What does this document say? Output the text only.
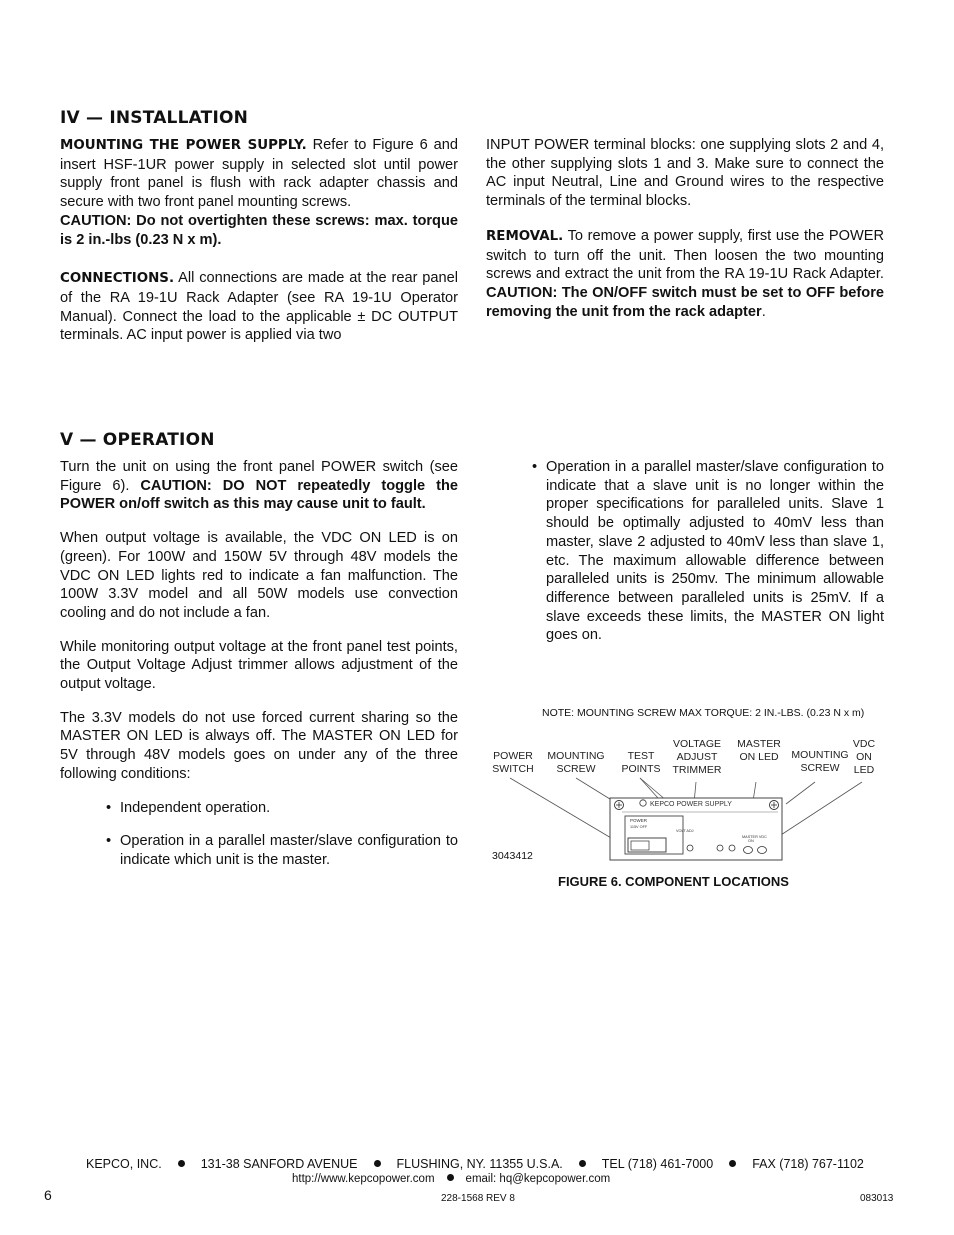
IV — INSTALLATION

MOUNTING THE POWER SUPPLY. Refer to Figure 6 and insert HSF-1UR power supply in selected slot until power supply front panel is flush with rack adapter chassis and secure with two front panel mounting screws.

CAUTION: Do not overtighten these screws: max. torque is 2 in.-lbs (0.23 N x m).

CONNECTIONS. All connections are made at the rear panel of the RA 19-1U Rack Adapter (see RA 19-1U Operator Manual). Connect the load to the applicable ± DC OUTPUT terminals. AC input power is applied via two

INPUT POWER terminal blocks: one supplying slots 2 and 4, the other supplying slots 1 and 3. Make sure to connect the AC input Neutral, Line and Ground wires to the respective terminals of the terminal blocks.

REMOVAL. To remove a power supply, first use the POWER switch to turn off the unit. Then loosen the two mounting screws and extract the unit from the RA 19-1U Rack Adapter. CAUTION: The ON/OFF switch must be set to OFF before removing the unit from the rack adapter.

V — OPERATION

Turn the unit on using the front panel POWER switch (see Figure 6). CAUTION: DO NOT repeatedly toggle the POWER on/off switch as this may cause unit to fault.

When output voltage is available, the VDC ON LED is on (green). For 100W and 150W 5V through 48V models the VDC ON LED lights red to indicate a fan malfunction. The 100W 3.3V model and all 50W models use convection cooling and do not include a fan.

While monitoring output voltage at the front panel test points, the Output Voltage Adjust trimmer allows adjustment of the output voltage.

The 3.3V models do not use forced current sharing so the MASTER ON LED is always off. The MASTER ON LED for 5V through 48V models goes on under any of the three following conditions:

• Independent operation.
• Operation in a parallel master/slave configuration to indicate which unit is the master.
• Operation in a parallel master/slave configuration to indicate that a slave unit is no longer within the proper specifications for paralleled units. Slave 1 should be optimally adjusted to 40mV less than master, slave 2 adjusted to 40mV less than slave 1, etc. The maximum allowable difference between paralleled units is 250mv. The minimum allowable difference between paralleled units is 25mV. If a slave exceeds these limits, the MASTER ON light goes on.
NOTE: MOUNTING SCREW MAX TORQUE: 2 IN.-LBS. (0.23 N x m)
POWER SWITCH
MOUNTING SCREW
TEST POINTS
VOLTAGE ADJUST TRIMMER
MASTER ON LED	MOUNTING SCREW
VDC ON LED
KEPCO POWER SUPPLY
POWER
115V OFF
VOLT ADJ
MASTER VDC
ON
3043412
FIGURE 6. COMPONENT LOCATIONS
KEPCO, INC.	131-38 SANFORD AVENUE	FLUSHING, NY. 11355 U.S.A.	TEL (718) 461-7000	FAX (718) 767-1102
http://www.kepcopower.com	email: hq@kepcopower.com
6	228-1568 REV 8	083013
